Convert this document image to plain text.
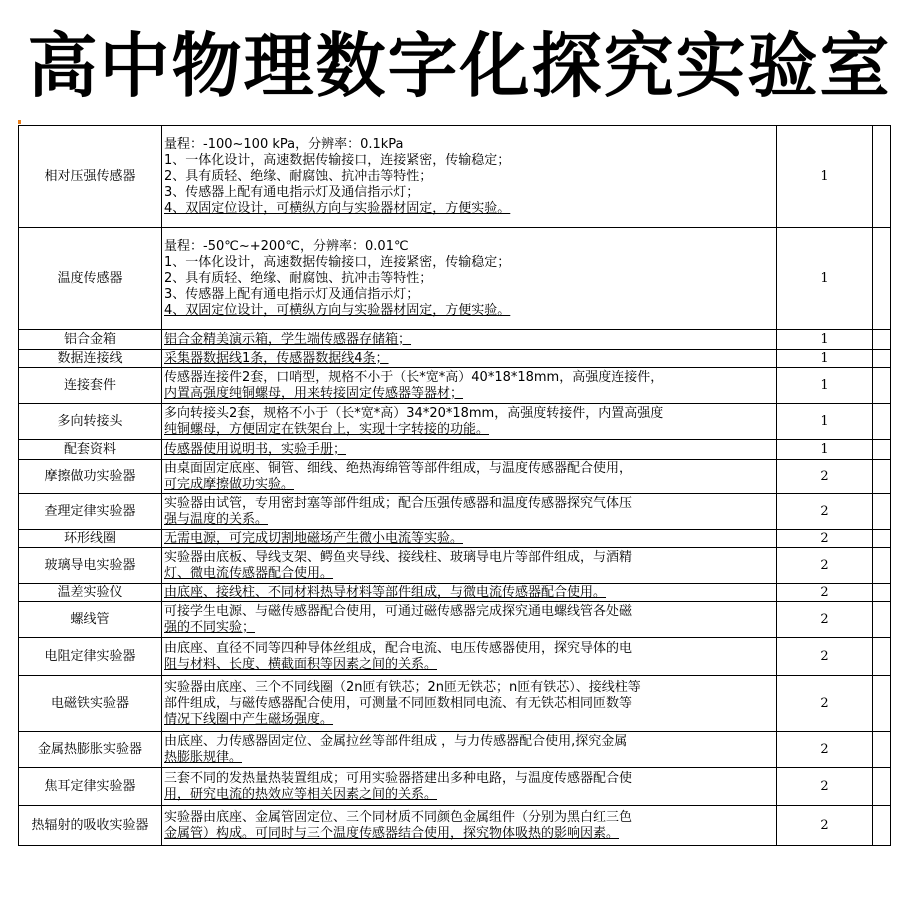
高中物理数字化探究实验室
相对压强传感器	量程：-100~100 kPa，分辨率：0.1kPa
1、一体化设计，高速数据传输接口，连接紧密，传输稳定；
2、具有质轻、绝缘、耐腐蚀、抗冲击等特性；
3、传感器上配有通电指示灯及通信指示灯；
4、双固定位设计，可横纵方向与实验器材固定，方便实验。	1	
温度传感器	量程：-50℃~+200℃，分辨率：0.01℃
1、一体化设计，高速数据传输接口，连接紧密，传输稳定；
2、具有质轻、绝缘、耐腐蚀、抗冲击等特性；
3、传感器上配有通电指示灯及通信指示灯；
4、双固定位设计，可横纵方向与实验器材固定，方便实验。	1	
铝合金箱	铝合金精美演示箱，学生端传感器存储箱；	1	
数据连接线	采集器数据线1条，传感器数据线4条；	1	
连接套件	传感器连接件2套，口哨型，规格不小于（长*宽*高）40*18*18mm，高强度连接件，
内置高强度纯铜螺母，用来转接固定传感器等器材；	1	
多向转接头	多向转接头2套，规格不小于（长*宽*高）34*20*18mm，高强度转接件，内置高强度
纯铜螺母，方便固定在铁架台上，实现十字转接的功能。	1	
配套资料	传感器使用说明书，实验手册；	1	
摩擦做功实验器	由桌面固定底座、铜管、细线、绝热海绵管等部件组成，与温度传感器配合使用，
可完成摩擦做功实验。	2	
查理定律实验器	实验器由试管，专用密封塞等部件组成；配合压强传感器和温度传感器探究气体压
强与温度的关系。	2	
环形线圈	无需电源，可完成切割地磁场产生微小电流等实验。	2	
玻璃导电实验器	实验器由底板、导线支架、鳄鱼夹导线、接线柱、玻璃导电片等部件组成，与酒精
灯、微电流传感器配合使用。	2	
温差实验仪	由底座、接线柱、不同材料热导材料等部件组成，与微电流传感器配合使用。	2	
螺线管	可接学生电源、与磁传感器配合使用，可通过磁传感器完成探究通电螺线管各处磁
强的不同实验；	2	
电阻定律实验器	由底座、直径不同等四种导体丝组成，配合电流、电压传感器使用，探究导体的电
阻与材料、长度、横截面积等因素之间的关系。	2	
电磁铁实验器	实验器由底座、三个不同线圈（2n匝有铁芯；2n匝无铁芯；n匝有铁芯）、接线柱等
部件组成，与磁传感器配合使用，可测量不同匝数相同电流、有无铁芯相同匝数等
情况下线圈中产生磁场强度。	2	
金属热膨胀实验器	由底座、力传感器固定位、金属拉丝等部件组成 ，与力传感器配合使用,探究金属
热膨胀规律。	2	
焦耳定律实验器	三套不同的发热量热装置组成；可用实验器搭建出多种电路，与温度传感器配合使
用，研究电流的热效应等相关因素之间的关系。	2	
热辐射的吸收实验器	实验器由底座、金属管固定位、三个同材质不同颜色金属组件（分别为黑白红三色
金属管）构成。可同时与三个温度传感器结合使用，探究物体吸热的影响因素。	2	
